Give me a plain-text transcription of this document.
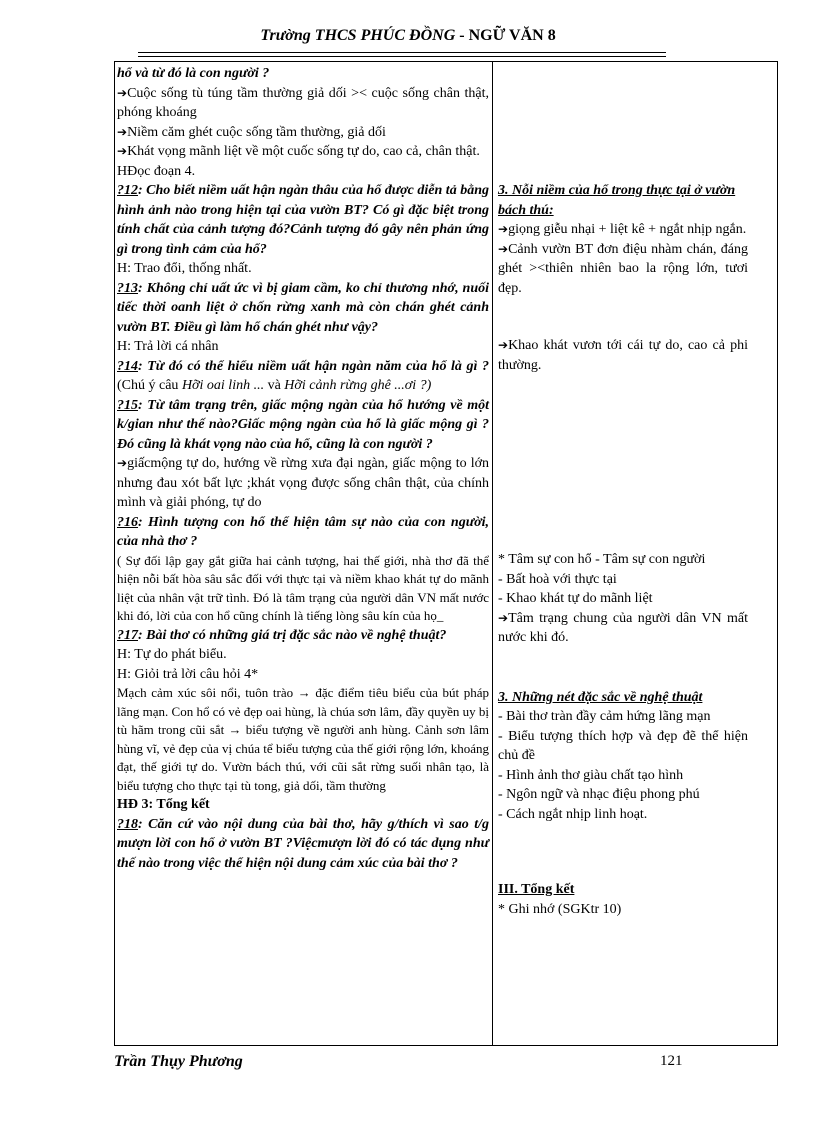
Trường THCS PHÚC ĐỒNG - NGỮ VĂN 8

hổ và từ đó là con người ?

➔Cuộc sống tù túng tầm thường giả dối >< cuộc sống chân thật, phóng khoáng

➔Niềm căm ghét cuộc sống tầm thường, giả dối

➔Khát vọng mãnh liệt về một cuốc sống tự do, cao cả, chân thật.

HĐọc đoạn 4.

?12: Cho biết niềm uất hận ngàn thâu của hổ được diễn tả bằng hình ảnh nào trong hiện tại của vườn BT? Có gì đặc biệt trong tính chất của cảnh tượng đó?Cảnh tượng đó gây nên phản ứng gì trong tình cảm của hổ?

H: Trao đổi, thống nhất.

?13: Không chỉ uất ức vì bị giam cầm, ko chỉ thương nhớ, nuối tiếc thời oanh liệt ở chốn rừng xanh mà còn chán ghét cảnh vườn BT. Điều gì làm hổ chán ghét như vậy?

H: Trả lời cá nhân

?14: Từ đó có thể hiểu niềm uất hận ngàn năm của hổ là gì ?(Chú ý câu Hỡi oai linh ... và Hỡi cảnh rừng ghê ...ơi ?)

?15: Từ tâm trạng trên, giấc mộng ngàn của hổ hướng về một k/gian như thế nào?Giấc mộng ngàn của hổ là giấc mộng gì ?Đó cũng là khát vọng nào của hổ, cũng là con người ?

➔giấcmộng tự do, hướng về rừng xưa đại ngàn, giấc mộng to lớn nhưng đau xót bất lực ;khát vọng được sống chân thật, của chính mình và giải phóng, tự do

?16: Hình tượng con hổ thể hiện tâm sự nào của con người, của nhà thơ ?

( Sự đối lập gay gắt giữa hai cảnh tượng, hai thế giới, nhà thơ đã thể hiện nỗi bất hòa sâu sắc đối với thực tại và niềm khao khát tự do mãnh liệt của nhân vật trữ tình. Đó là tâm trạng của người dân VN mất nước khi đó, lời của con hổ cũng chính là tiếng lòng sâu kín của họ_

?17: Bài thơ có những giá trị đặc sắc nào về nghệ thuật?

H: Tự do phát biểu.

H: Giỏi trả lời câu hỏi 4*

Mạch cảm xúc sôi nổi, tuôn trào → đặc điểm tiêu biểu của bút pháp lãng mạn. Con hổ có vẻ đẹp oai hùng, là chúa sơn lâm, đầy quyền uy bị tù hãm trong cũi sắt → biểu tượng về người anh hùng. Cảnh sơn lâm hùng vĩ, vẻ đẹp của vị chúa tể biểu tượng của thế giới rộng lớn, khoáng đạt, thế giới tự do. Vườn bách thú, với cũi sắt rừng suối nhân tạo, là biểu tượng cho thực tại tù tong, giả dối, tầm thường

HĐ 3: Tổng kết

?18: Căn cứ vào nội dung của bài thơ, hãy g/thích vì sao t/g mượn lời con hổ ở vườn BT ?Việcmượn lời đó có tác dụng như thế nào trong việc thể hiện nội dung cảm xúc của bài thơ ?

3. Nỗi niềm của hổ trong thực tại ở vườn bách thú:

➔giọng giễu nhại + liệt kê + ngắt nhịp ngắn.

➔Cảnh vườn BT đơn điệu nhàm chán, đáng ghét ><thiên nhiên bao la rộng lớn, tươi đẹp.

➔Khao khát vươn tới cái tự do, cao cả phi thường.

* Tâm sự con hổ - Tâm sự con người

- Bất hoà với thực tại

- Khao khát tự do mãnh liệt

➔Tâm trạng chung của người dân VN mất nước khi đó.

3. Những nét đặc sắc về nghệ thuật

- Bài thơ tràn đầy cảm hứng lãng mạn

- Biểu tượng thích hợp và đẹp đẽ thể hiện chủ đề

- Hình ảnh thơ giàu chất tạo hình

- Ngôn ngữ và nhạc điệu phong phú

- Cách ngắt nhịp linh hoạt.

III. Tổng kết

* Ghi nhớ (SGKtr 10)

Trần Thụy Phương	121
